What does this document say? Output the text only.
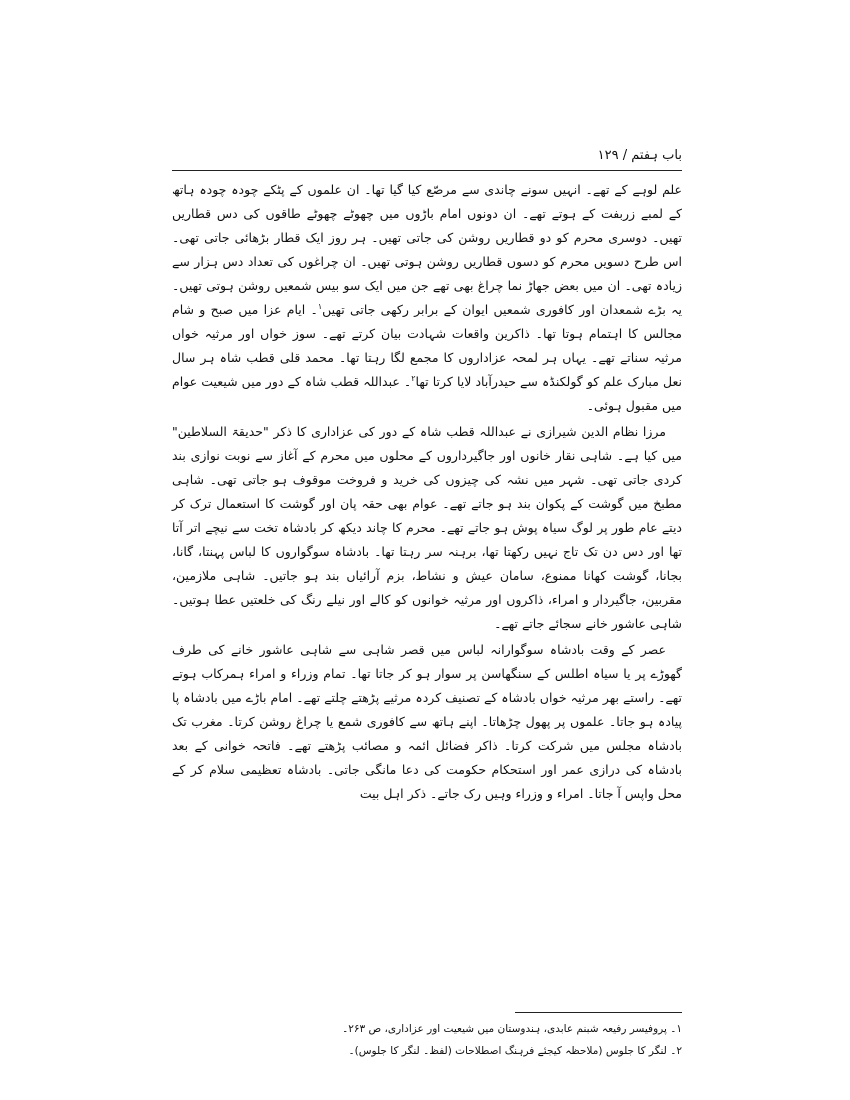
باب ہفتم / ۱۲۹

علم لوہے کے تھے۔ انہیں سونے چاندی سے مرصّع کیا گیا تھا۔ ان علموں کے پٹکے چودہ چودہ ہاتھ کے لمبے زربفت کے ہوتے تھے۔ ان دونوں امام باڑوں میں چھوٹے چھوٹے طاقوں کی دس قطاریں تھیں۔ دوسری محرم کو دو قطاریں روشن کی جاتی تھیں۔ ہر روز ایک قطار بڑھائی جاتی تھی۔ اس طرح دسویں محرم کو دسوں قطاریں روشن ہوتی تھیں۔ ان چراغوں کی تعداد دس ہزار سے زیادہ تھی۔ ان میں بعض جھاڑ نما چراغ بھی تھے جن میں ایک سو بیس شمعیں روشن ہوتی تھیں۔ یہ بڑے شمعدان اور کافوری شمعیں ایوان کے برابر رکھی جاتی تھیں$^۱$۔ ایام عزا میں صبح و شام مجالس کا اہتمام ہوتا تھا۔ ذاکرین واقعات شہادت بیان کرتے تھے۔ سوز خواں اور مرثیہ خواں مرثیہ سناتے تھے۔ یہاں ہر لمحہ عزاداروں کا مجمع لگا رہتا تھا۔ محمد قلی قطب شاہ ہر سال نعل مبارک علم کو گولکنڈہ سے حیدرآباد لایا کرتا تھا$^۲$۔ عبداللہ قطب شاہ کے دور میں شیعیت عوام میں مقبول ہوئی۔

مرزا نظام الدین شیرازی نے عبداللہ قطب شاہ کے دور کی عزاداری کا ذکر "حدیقۃ السلاطین" میں کیا ہے۔ شاہی نقار خانوں اور جاگیرداروں کے محلوں میں محرم کے آغاز سے نوبت نوازی بند کردی جاتی تھی۔ شہر میں نشہ کی چیزوں کی خرید و فروخت موقوف ہو جاتی تھی۔ شاہی مطبخ میں گوشت کے پکوان بند ہو جاتے تھے۔ عوام بھی حقہ پان اور گوشت کا استعمال ترک کر دیتے عام طور پر لوگ سیاہ پوش ہو جاتے تھے۔ محرم کا چاند دیکھ کر بادشاہ تخت سے نیچے اتر آتا تھا اور دس دن تک تاج نہیں رکھتا تھا، برہنہ سر رہتا تھا۔ بادشاہ سوگواروں کا لباس پہنتا، گانا، بجانا، گوشت کھانا ممنوع، سامان عیش و نشاط، بزم آرائیاں بند ہو جاتیں۔ شاہی ملازمین، مقربین، جاگیردار و امراء، ذاکروں اور مرثیہ خوانوں کو کالے اور نیلے رنگ کی خلعتیں عطا ہوتیں۔ شاہی عاشور خانے سجائے جاتے تھے۔

عصر کے وقت بادشاہ سوگوارانہ لباس میں قصر شاہی سے شاہی عاشور خانے کی طرف گھوڑے پر یا سیاہ اطلس کے سنگھاسن پر سوار ہو کر جاتا تھا۔ تمام وزراء و امراء ہمرکاب ہوتے تھے۔ راستے بھر مرثیہ خواں بادشاہ کے تصنیف کردہ مرثیے پڑھتے چلتے تھے۔ امام باڑے میں بادشاہ پا پیادہ ہو جاتا۔ علموں پر پھول چڑھاتا۔ اپنے ہاتھ سے کافوری شمع یا چراغ روشن کرتا۔ مغرب تک بادشاہ مجلس میں شرکت کرتا۔ ذاکر فضائل ائمہ و مصائب پڑھتے تھے۔ فاتحہ خوانی کے بعد بادشاہ کی درازی عمر اور استحکام حکومت کی دعا مانگی جاتی۔ بادشاہ تعظیمی سلام کر کے محل واپس آ جاتا۔ امراء و وزراء وہیں رک جاتے۔ ذکر اہل بیت

۱۔ پروفیسر رفیعہ شبنم عابدی، ہندوستان میں شیعیت اور عزاداری، ص ۲۶۳۔
۲۔ لنگر کا جلوس (ملاحظہ کیجئے فرہنگ اصطلاحات (لفظ۔ لنگر کا جلوس)۔
